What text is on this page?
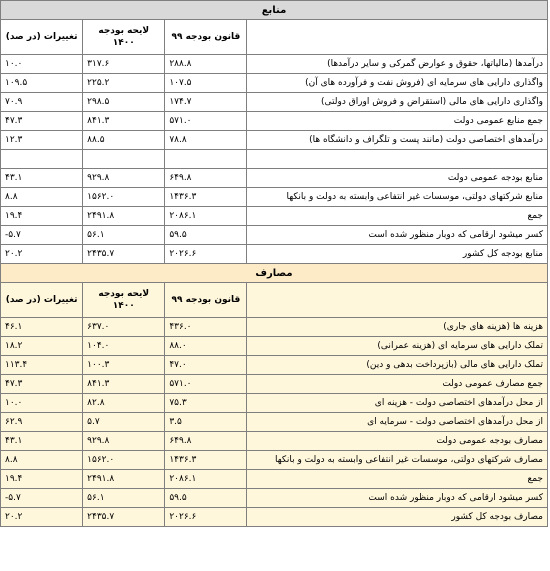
منابع			
	قانون بودجه ۹۹	لایحه بودجه ۱۴۰۰	تغییرات (در صد)
درآمدها (مالیاتها، حقوق و عوارض گمرکی و سایر درآمدها)	۲۸۸.۸	۳۱۷.۶	۱۰.۰
واگذاری دارایی های سرمایه ای (فروش نفت و فرآورده های آن)	۱۰۷.۵	۲۲۵.۲	۱۰۹.۵
واگذاری دارایی های مالی (استقراض و فروش اوراق دولتی)	۱۷۴.۷	۲۹۸.۵	۷۰.۹
جمع منابع عمومی دولت	۵۷۱.۰	۸۴۱.۳	۴۷.۳
درآمدهای اختصاصی دولت (مانند پست و تلگراف و دانشگاه ها)	۷۸.۸	۸۸.۵	۱۲.۳

منابع بودجه عمومی دولت	۶۴۹.۸	۹۲۹.۸	۴۳.۱
منابع شرکتهای دولتی، موسسات غیر انتفاعی وابسته به دولت و بانکها	۱۴۳۶.۳	۱۵۶۲.۰	۸.۸
جمع	۲۰۸۶.۱	۲۴۹۱.۸	۱۹.۴
کسر میشود ارقامی که دوبار منظور شده است	۵۹.۵	۵۶.۱	-۵.۷
منابع بودجه کل کشور	۲۰۲۶.۶	۲۴۳۵.۷	۲۰.۲
مصارف			
	قانون بودجه ۹۹	لایحه بودجه ۱۴۰۰	تغییرات (در صد)
هزینه ها (هزینه های جاری)	۴۳۶.۰	۶۳۷.۰	۴۶.۱
تملک دارایی های سرمایه ای (هزینه عمرانی)	۸۸.۰	۱۰۴.۰	۱۸.۲
تملک دارایی های مالی (بازپرداخت بدهی و دین)	۴۷.۰	۱۰۰.۳	۱۱۳.۴
جمع مصارف عمومی دولت	۵۷۱.۰	۸۴۱.۳	۴۷.۳
از محل درآمدهای اختصاصی دولت - هزینه ای	۷۵.۳	۸۲.۸	۱۰.۰
از محل درآمدهای اختصاصی دولت - سرمایه ای	۳.۵	۵.۷	۶۲.۹
مصارف بودجه عمومی دولت	۶۴۹.۸	۹۲۹.۸	۴۳.۱
مصارف شرکتهای دولتی، موسسات غیر انتفاعی وابسته به دولت و بانکها	۱۴۳۶.۳	۱۵۶۲.۰	۸.۸
جمع	۲۰۸۶.۱	۲۴۹۱.۸	۱۹.۴
کسر میشود ارقامی که دوبار منظور شده است	۵۹.۵	۵۶.۱	-۵.۷
مصارف بودجه کل کشور	۲۰۲۶.۶	۲۴۳۵.۷	۲۰.۲
